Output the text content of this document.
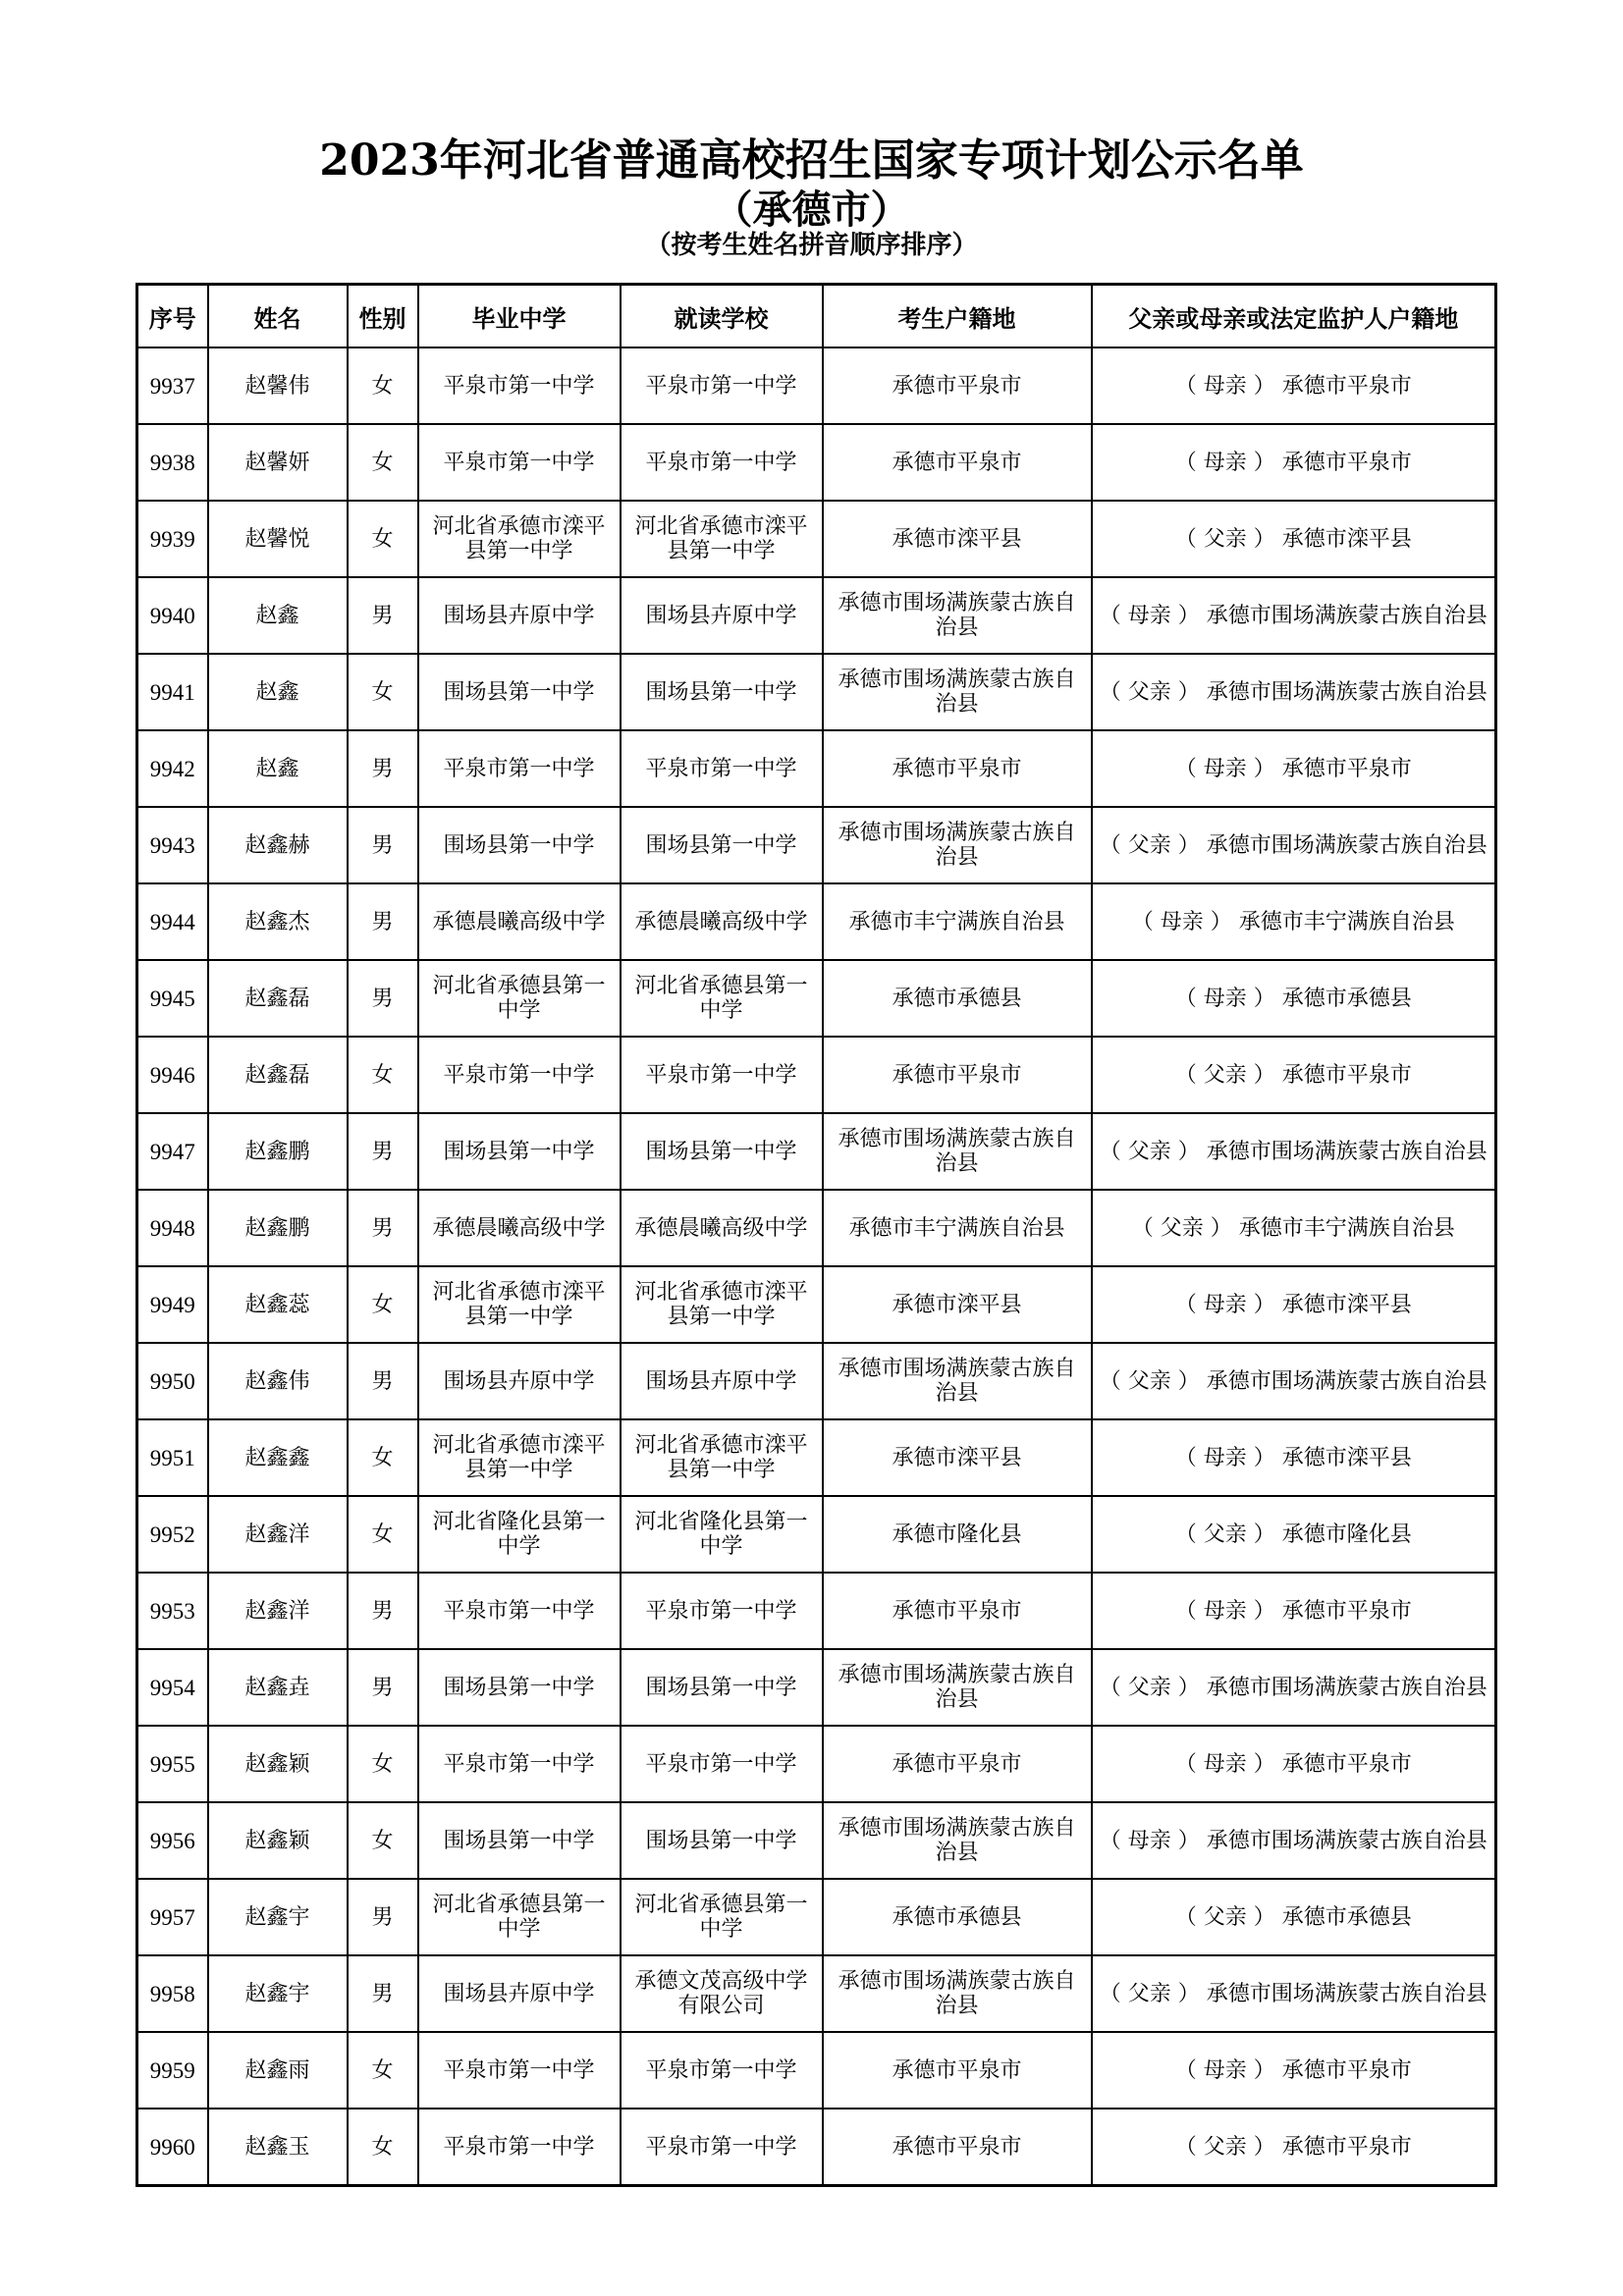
2023年河北省普通高校招生国家专项计划公示名单
（承德市）
（按考生姓名拼音顺序排序）
序号	姓名	性别	毕业中学	就读学校	考生户籍地	父亲或母亲或法定监护人户籍地
9937	赵馨伟	女	平泉市第一中学	平泉市第一中学	承德市平泉市	（ 母亲 ） 承德市平泉市
9938	赵馨妍	女	平泉市第一中学	平泉市第一中学	承德市平泉市	（ 母亲 ） 承德市平泉市
9939	赵馨悦	女	河北省承德市滦平县第一中学	河北省承德市滦平县第一中学	承德市滦平县	（ 父亲 ） 承德市滦平县
9940	赵鑫	男	围场县卉原中学	围场县卉原中学	承德市围场满族蒙古族自治县	（ 母亲 ） 承德市围场满族蒙古族自治县
9941	赵鑫	女	围场县第一中学	围场县第一中学	承德市围场满族蒙古族自治县	（ 父亲 ） 承德市围场满族蒙古族自治县
9942	赵鑫	男	平泉市第一中学	平泉市第一中学	承德市平泉市	（ 母亲 ） 承德市平泉市
9943	赵鑫赫	男	围场县第一中学	围场县第一中学	承德市围场满族蒙古族自治县	（ 父亲 ） 承德市围场满族蒙古族自治县
9944	赵鑫杰	男	承德晨曦高级中学	承德晨曦高级中学	承德市丰宁满族自治县	（ 母亲 ） 承德市丰宁满族自治县
9945	赵鑫磊	男	河北省承德县第一中学	河北省承德县第一中学	承德市承德县	（ 母亲 ） 承德市承德县
9946	赵鑫磊	女	平泉市第一中学	平泉市第一中学	承德市平泉市	（ 父亲 ） 承德市平泉市
9947	赵鑫鹏	男	围场县第一中学	围场县第一中学	承德市围场满族蒙古族自治县	（ 父亲 ） 承德市围场满族蒙古族自治县
9948	赵鑫鹏	男	承德晨曦高级中学	承德晨曦高级中学	承德市丰宁满族自治县	（ 父亲 ） 承德市丰宁满族自治县
9949	赵鑫蕊	女	河北省承德市滦平县第一中学	河北省承德市滦平县第一中学	承德市滦平县	（ 母亲 ） 承德市滦平县
9950	赵鑫伟	男	围场县卉原中学	围场县卉原中学	承德市围场满族蒙古族自治县	（ 父亲 ） 承德市围场满族蒙古族自治县
9951	赵鑫鑫	女	河北省承德市滦平县第一中学	河北省承德市滦平县第一中学	承德市滦平县	（ 母亲 ） 承德市滦平县
9952	赵鑫洋	女	河北省隆化县第一中学	河北省隆化县第一中学	承德市隆化县	（ 父亲 ） 承德市隆化县
9953	赵鑫洋	男	平泉市第一中学	平泉市第一中学	承德市平泉市	（ 母亲 ） 承德市平泉市
9954	赵鑫垚	男	围场县第一中学	围场县第一中学	承德市围场满族蒙古族自治县	（ 父亲 ） 承德市围场满族蒙古族自治县
9955	赵鑫颖	女	平泉市第一中学	平泉市第一中学	承德市平泉市	（ 母亲 ） 承德市平泉市
9956	赵鑫颖	女	围场县第一中学	围场县第一中学	承德市围场满族蒙古族自治县	（ 母亲 ） 承德市围场满族蒙古族自治县
9957	赵鑫宇	男	河北省承德县第一中学	河北省承德县第一中学	承德市承德县	（ 父亲 ） 承德市承德县
9958	赵鑫宇	男	围场县卉原中学	承德文茂高级中学有限公司	承德市围场满族蒙古族自治县	（ 父亲 ） 承德市围场满族蒙古族自治县
9959	赵鑫雨	女	平泉市第一中学	平泉市第一中学	承德市平泉市	（ 母亲 ） 承德市平泉市
9960	赵鑫玉	女	平泉市第一中学	平泉市第一中学	承德市平泉市	（ 父亲 ） 承德市平泉市
